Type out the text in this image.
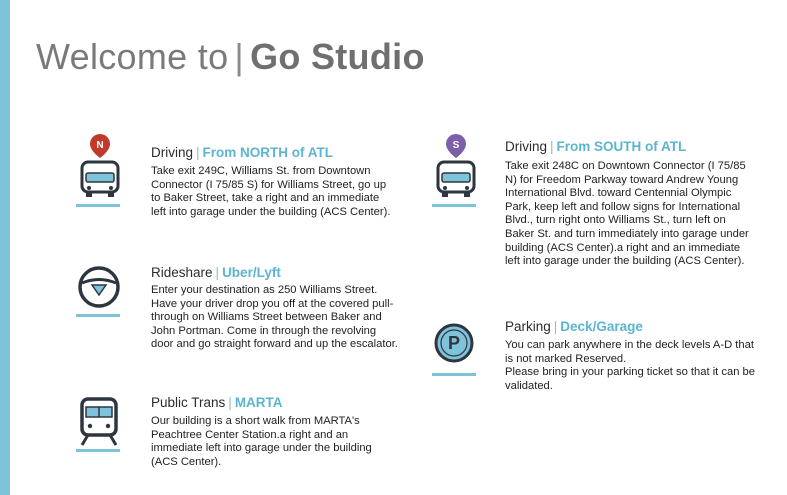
Welcome to | Go Studio
N	Driving | From NORTH of ATL
Take exit 249C, Williams St. from Downtown Connector (I 75/85 S) for Williams Street, go up to Baker Street, take a right and an immediate left into garage under the building (ACS Center).
Rideshare | Uber/Lyft
Enter your destination as 250 Williams Street. Have your driver drop you off at the covered pull-through on Williams Street between Baker and John Portman. Come in through the revolving door and go straight forward and up the escalator.
Public Trans | MARTA
Our building is a short walk from MARTA's Peachtree Center Station.a right and an immediate left into garage under the building (ACS Center).
S	Driving | From SOUTH of ATL
Take exit 248C on Downtown Connector (I 75/85 N) for Freedom Parkway toward Andrew Young International Blvd. toward Centennial Olympic Park, keep left and follow signs for International Blvd., turn right onto Williams St., turn left on Baker St. and turn immediately into garage under building (ACS Center).a right and an immediate left into garage under the building (ACS Center).
P
Parking | Deck/Garage
You can park anywhere in the deck levels A-D that is not marked Reserved.
Please bring in your parking ticket so that it can be validated.
